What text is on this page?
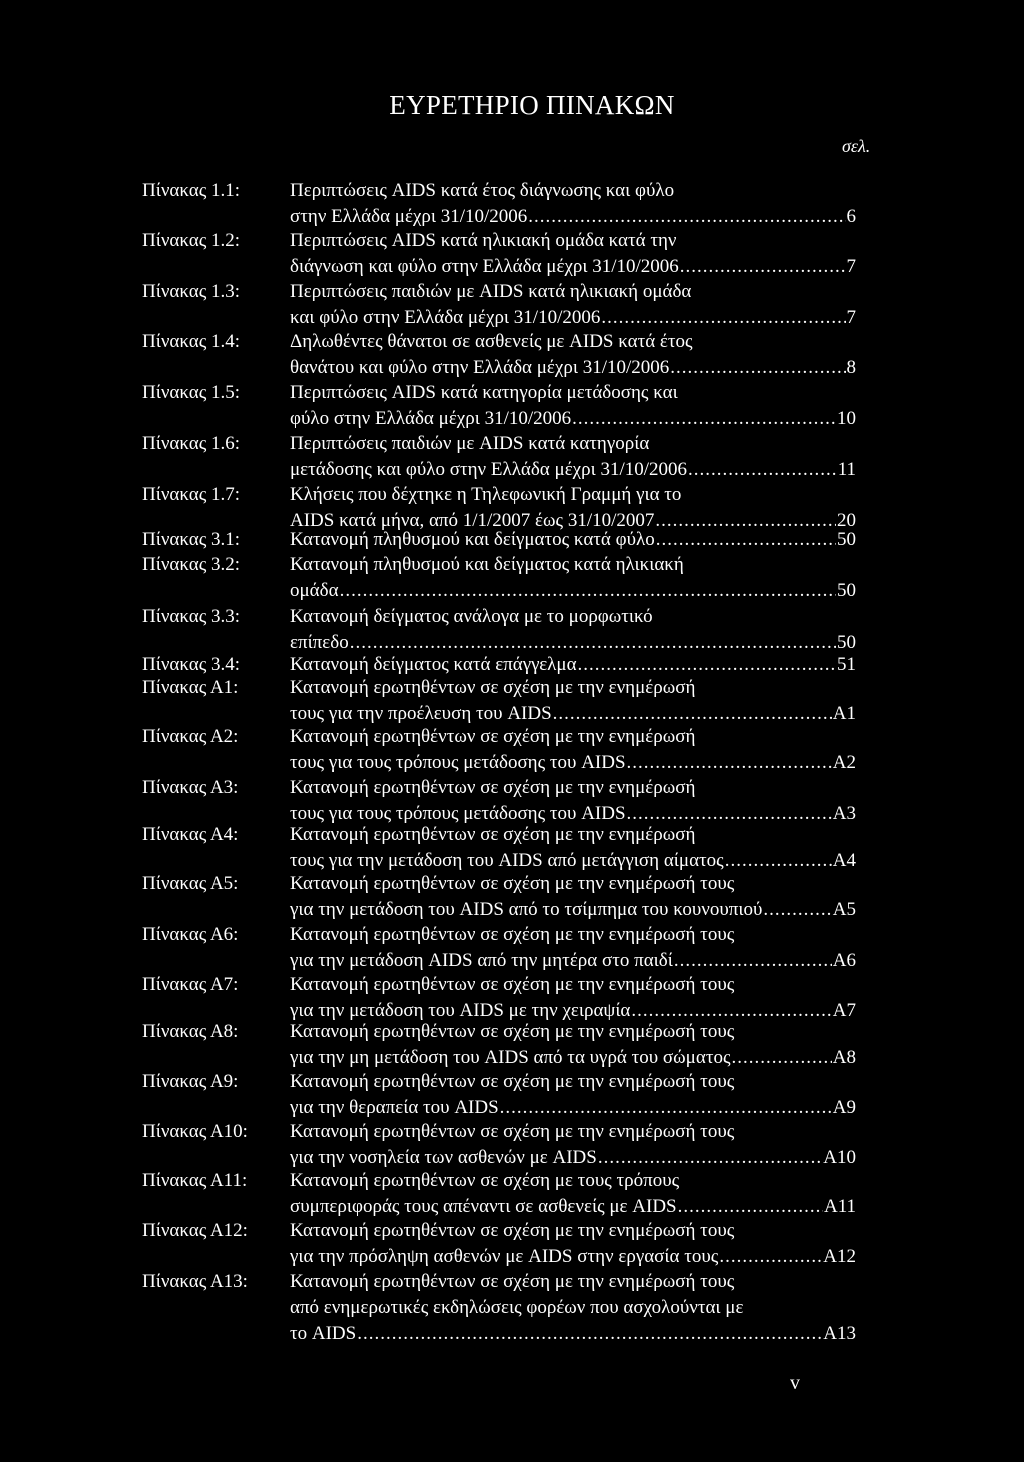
ΕΥΡΕΤΗΡΙΟ ΠΙΝΑΚΩΝ
σελ.
Πίνακας 1.1:	Περιπτώσεις AIDS κατά έτος διάγνωσης και φύλο
στην Ελλάδα μέχρι 31/10/2006 .....	6
Πίνακας 1.2:	Περιπτώσεις AIDS κατά ηλικιακή ομάδα κατά την
διάγνωση και φύλο στην Ελλάδα μέχρι 31/10/2006 .....	7
Πίνακας 1.3:	Περιπτώσεις παιδιών με AIDS κατά ηλικιακή ομάδα
και φύλο στην Ελλάδα μέχρι 31/10/2006 .....	7
Πίνακας 1.4:	Δηλωθέντες θάνατοι σε ασθενείς με AIDS κατά έτος
θανάτου και φύλο στην Ελλάδα μέχρι 31/10/2006 .....	8
Πίνακας 1.5:	Περιπτώσεις AIDS κατά κατηγορία μετάδοσης και
φύλο στην Ελλάδα μέχρι 31/10/2006 .....	10
Πίνακας 1.6:	Περιπτώσεις παιδιών με AIDS κατά κατηγορία
μετάδοσης και φύλο στην Ελλάδα μέχρι 31/10/2006 .....	11
Πίνακας 1.7:	Κλήσεις που δέχτηκε η Τηλεφωνική Γραμμή για το
AIDS κατά μήνα, από 1/1/2007 έως 31/10/2007 .....	20
Πίνακας 3.1:	Κατανομή πληθυσμού και δείγματος κατά φύλο .....	50
Πίνακας 3.2:	Κατανομή πληθυσμού και δείγματος κατά ηλικιακή
ομάδα .....	50
Πίνακας 3.3:	Κατανομή δείγματος ανάλογα με το μορφωτικό
επίπεδο .....	50
Πίνακας 3.4:	Κατανομή δείγματος κατά επάγγελμα .....	51
Πίνακας Α1:	Κατανομή ερωτηθέντων σε σχέση με την ενημέρωσή
τους για την προέλευση του AIDS .....	A1
Πίνακας Α2:	Κατανομή ερωτηθέντων σε σχέση με την ενημέρωσή
τους για τους τρόπους μετάδοσης του AIDS .....	A2
Πίνακας Α3:	Κατανομή ερωτηθέντων σε σχέση με την ενημέρωσή
τους για τους τρόπους μετάδοσης του AIDS .....	A3
Πίνακας Α4:	Κατανομή ερωτηθέντων σε σχέση με την ενημέρωσή
τους για την μετάδοση του AIDS από μετάγγιση αίματος .....	A4
Πίνακας Α5:	Κατανομή ερωτηθέντων σε σχέση με την ενημέρωσή τους
για την μετάδοση του AIDS από το τσίμπημα του κουνουπιού .....	A5
Πίνακας Α6:	Κατανομή ερωτηθέντων σε σχέση με την ενημέρωσή τους
για την μετάδοση AIDS από την μητέρα στο παιδί .....	A6
Πίνακας Α7:	Κατανομή ερωτηθέντων σε σχέση με την ενημέρωσή τους
για την μετάδοση του AIDS με την χειραψία .....	A7
Πίνακας Α8:	Κατανομή ερωτηθέντων σε σχέση με την ενημέρωσή τους
για την μη μετάδοση του AIDS από τα υγρά του σώματος .....	A8
Πίνακας Α9:	Κατανομή ερωτηθέντων σε σχέση με την ενημέρωσή τους
για την θεραπεία του AIDS .....	A9
Πίνακας Α10: Κατανομή ερωτηθέντων σε σχέση με την ενημέρωσή τους
για την νοσηλεία των ασθενών με AIDS .....	A10
Πίνακας Α11: Κατανομή ερωτηθέντων σε σχέση με τους τρόπους
συμπεριφοράς τους απέναντι σε ασθενείς με AIDS .....	A11
Πίνακας Α12: Κατανομή ερωτηθέντων σε σχέση με την ενημέρωσή τους
για την πρόσληψη ασθενών με AIDS στην εργασία τους .....	A12
Πίνακας Α13: Κατανομή ερωτηθέντων σε σχέση με την ενημέρωσή τους
από ενημερωτικές εκδηλώσεις φορέων που ασχολούνται με
το AIDS .....	A13
v
